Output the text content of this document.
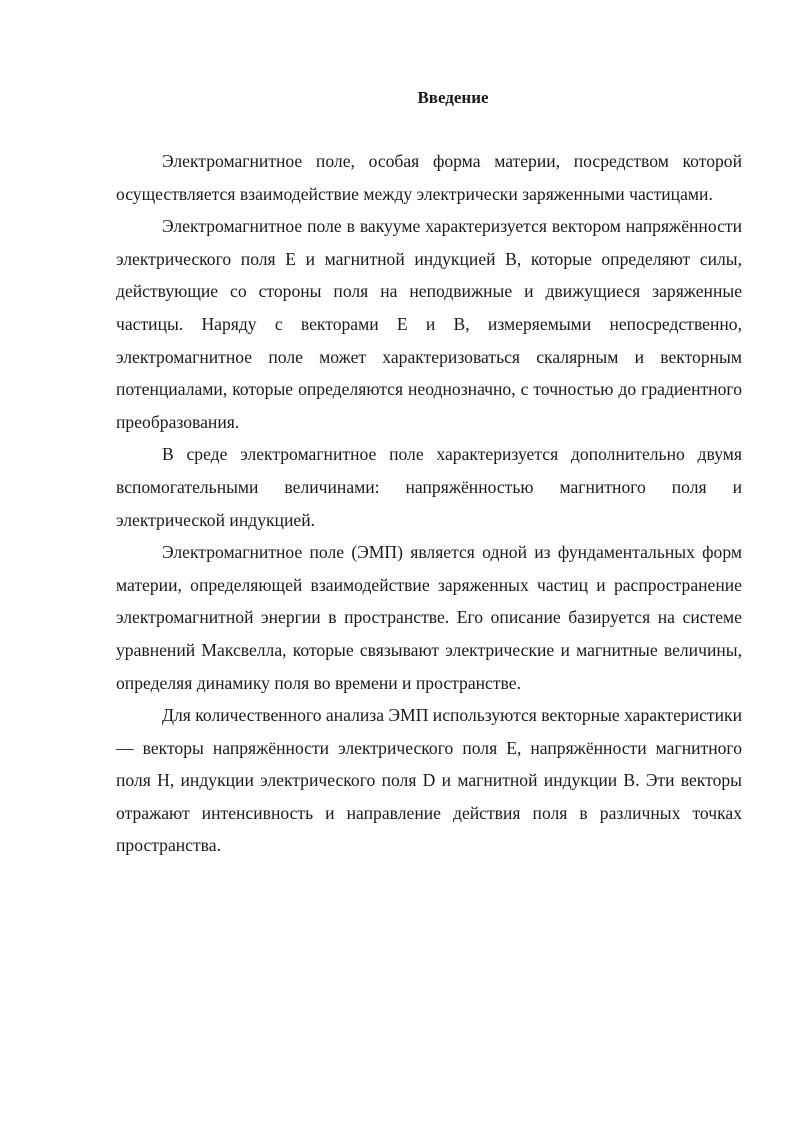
Введение

Электромагнитное поле, особая форма материи, посредством которой осуществляется взаимодействие между электрически заряженными частицами.

Электромагнитное поле в вакууме характеризуется вектором напряжённости электрического поля E и магнитной индукцией B, которые определяют силы, действующие со стороны поля на неподвижные и движущиеся заряженные частицы. Наряду с векторами E и B, измеряемыми непосредственно, электромагнитное поле может характеризоваться скалярным и векторным потенциалами, которые определяются неоднозначно, с точностью до градиентного преобразования.

В среде электромагнитное поле характеризуется дополнительно двумя вспомогательными величинами: напряжённостью магнитного поля и электрической индукцией.

Электромагнитное поле (ЭМП) является одной из фундаментальных форм материи, определяющей взаимодействие заряженных частиц и распространение электромагнитной энергии в пространстве. Его описание базируется на системе уравнений Максвелла, которые связывают электрические и магнитные величины, определяя динамику поля во времени и пространстве.

Для количественного анализа ЭМП используются векторные характеристики — векторы напряжённости электрического поля E, напряжённости магнитного поля H, индукции электрического поля D и магнитной индукции B. Эти векторы отражают интенсивность и направление действия поля в различных точках пространства.
